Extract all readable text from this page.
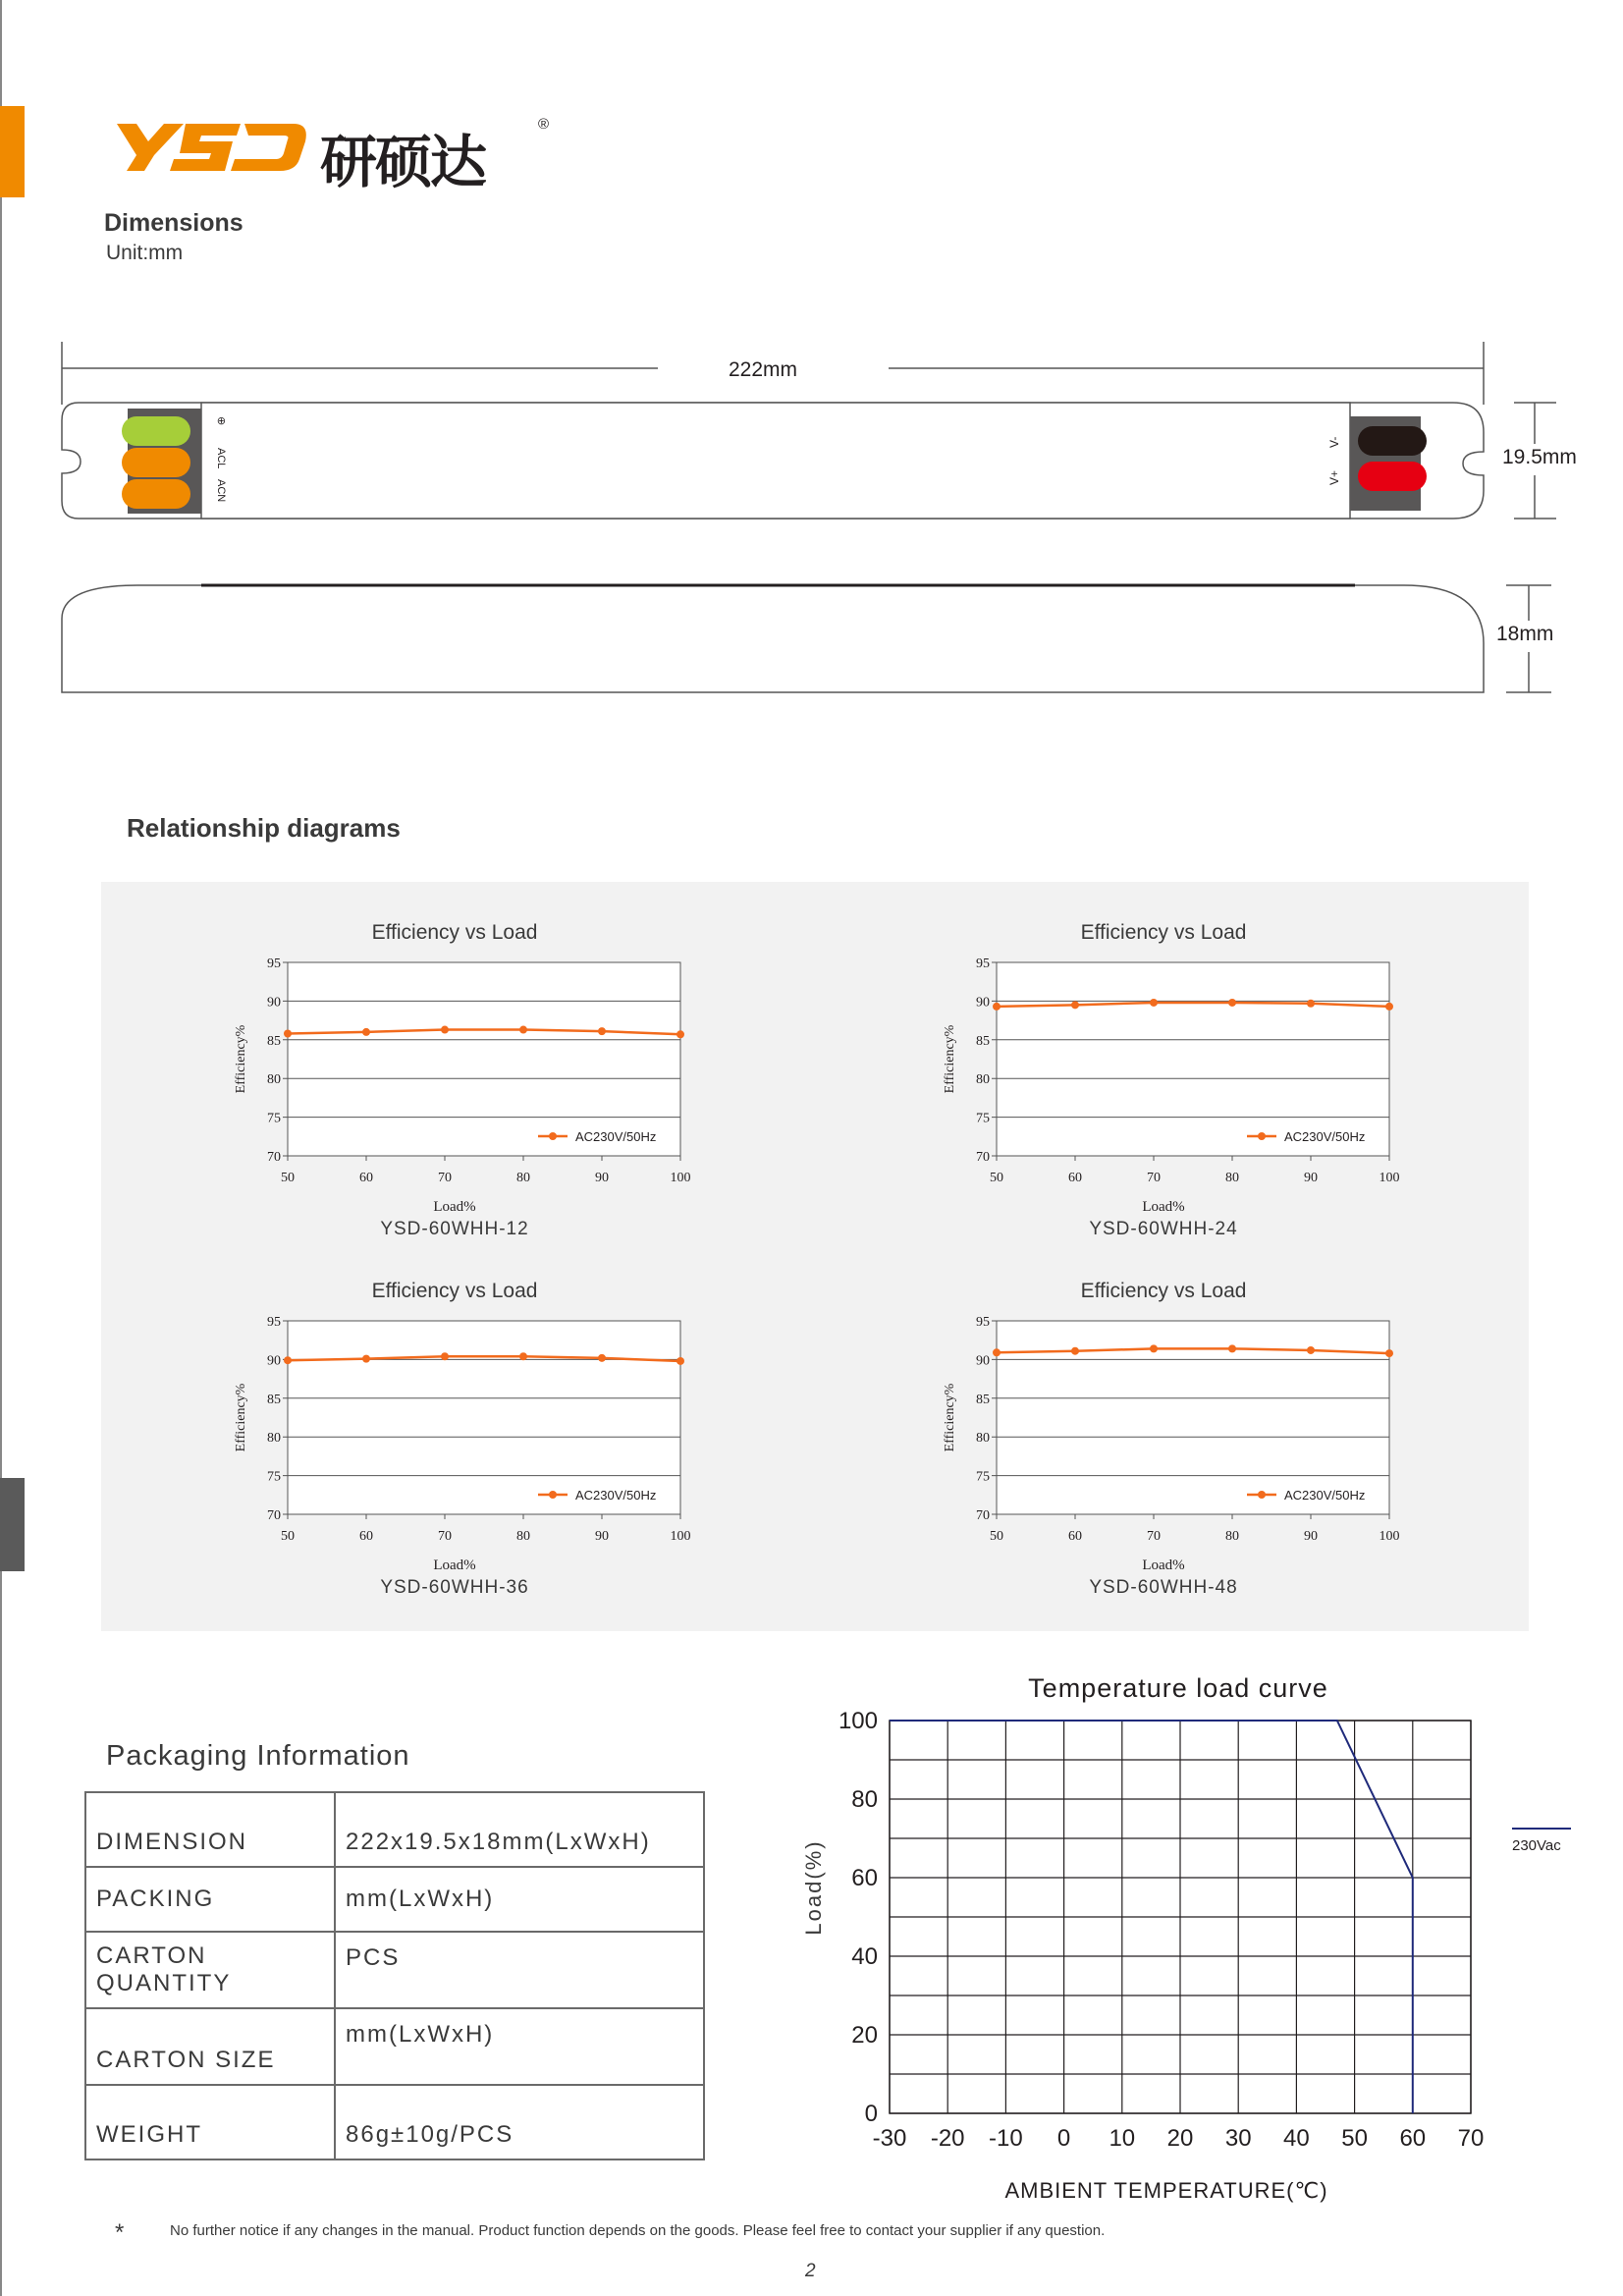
研硕达
®
Dimensions
Unit:mm
222mm
⊕
ACL
ACN
V-
V+
19.5mm
18mm
Relationship diagrams
Efficiency vs Load
70
75
80
85
90
95
50	60	70	80	90	100
Efficiency%
Load%
YSD-60WHH-12
AC230V/50Hz
Efficiency vs Load
70
75
80
85
90
95
50	60	70	80	90	100
Efficiency%
Load%
YSD-60WHH-24
AC230V/50Hz
Efficiency vs Load
70
75
80
85
90
95
50	60	70	80	90	100
Efficiency%
Load%
YSD-60WHH-36
AC230V/50Hz
Efficiency vs Load
70
75
80
85
90
95
50	60	70	80	90	100
Efficiency%
Load%
YSD-60WHH-48
AC230V/50Hz
Packaging Information
DIMENSION	222x19.5x18mm(LxWxH)
PACKING	mm(LxWxH)
CARTON QUANTITY	PCS
CARTON SIZE	mm(LxWxH)
WEIGHT	86g±10g/PCS
Temperature load curve
0
20
40
60
80
100
-30 -20 -10 0 10 20 30 40 50 60 70
Load(%)
AMBIENT TEMPERATURE(℃)
230Vac
*	No further notice if any changes in the manual. Product function depends on the goods. Please feel free to contact your supplier if any question.
2
